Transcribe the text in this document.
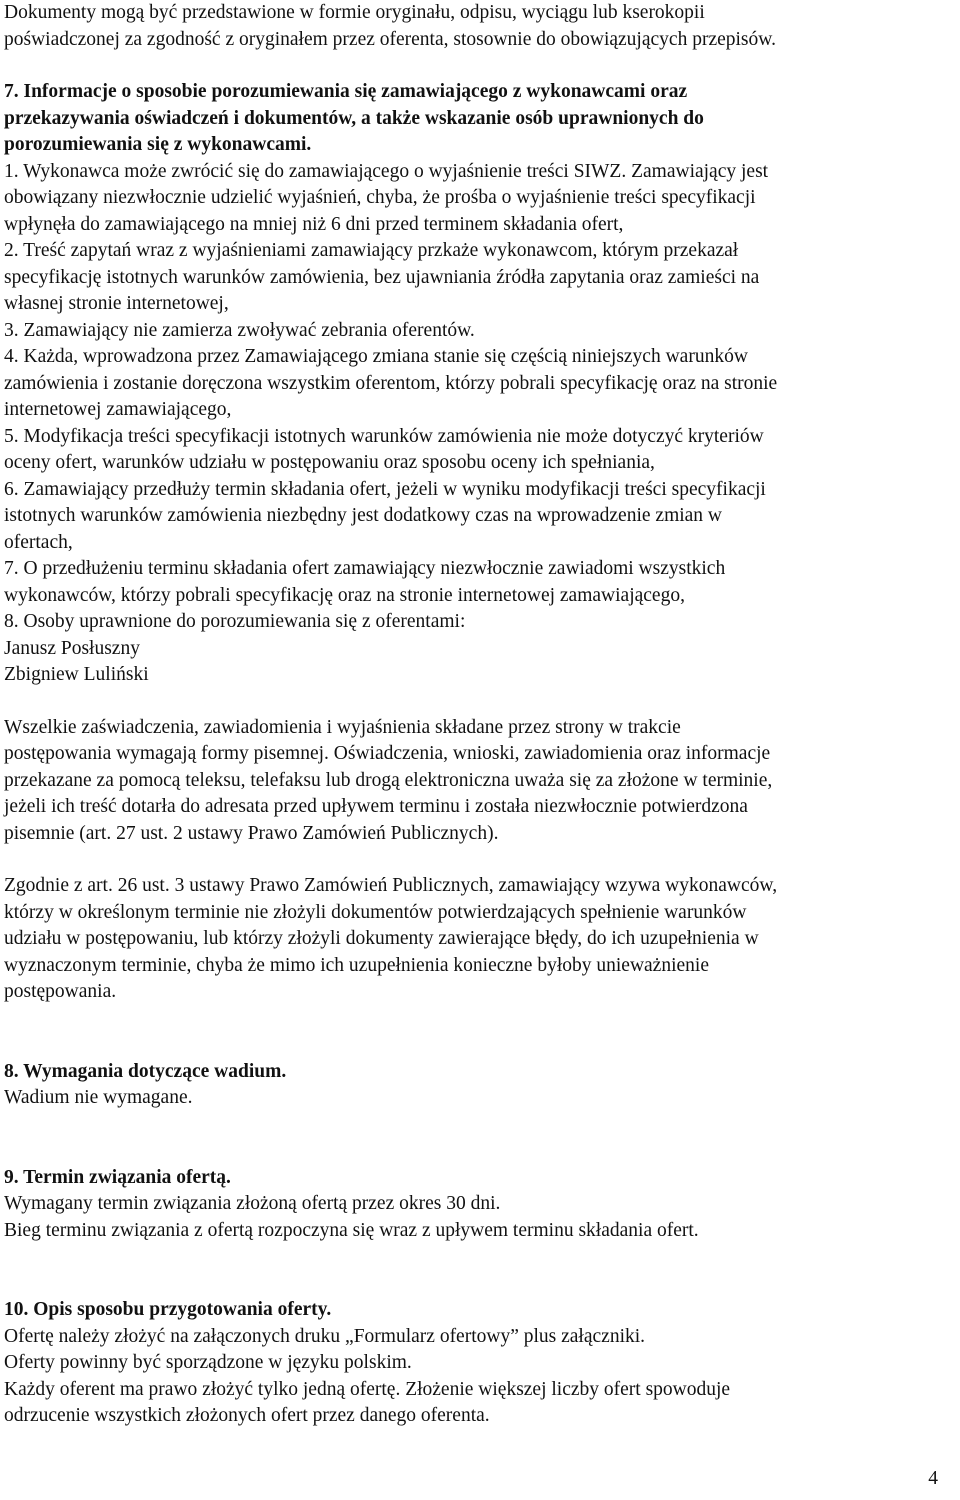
Dokumenty mogą być przedstawione w formie oryginału, odpisu, wyciągu lub kserokopii

poświadczonej za zgodność z oryginałem przez oferenta, stosownie do obowiązujących przepisów.

7. Informacje o sposobie porozumiewania się zamawiającego z wykonawcami oraz

przekazywania oświadczeń i dokumentów, a także wskazanie osób uprawnionych do

porozumiewania się z wykonawcami.

1. Wykonawca może zwrócić się do zamawiającego o wyjaśnienie treści SIWZ. Zamawiający jest

obowiązany niezwłocznie udzielić wyjaśnień, chyba, że prośba o wyjaśnienie treści specyfikacji

wpłynęła do zamawiającego na mniej niż 6 dni przed terminem składania ofert,

2. Treść zapytań wraz z wyjaśnieniami zamawiający przkaże wykonawcom, którym przekazał

specyfikację istotnych warunków zamówienia, bez ujawniania źródła zapytania oraz zamieści na

własnej stronie internetowej,

3. Zamawiający nie zamierza zwoływać zebrania oferentów.

4. Każda, wprowadzona przez Zamawiającego zmiana stanie się częścią niniejszych warunków

zamówienia i zostanie doręczona wszystkim oferentom, którzy pobrali specyfikację oraz na stronie

internetowej zamawiającego,

5. Modyfikacja treści specyfikacji istotnych warunków zamówienia nie może dotyczyć kryteriów

oceny ofert, warunków udziału w postępowaniu oraz sposobu oceny ich spełniania,

6. Zamawiający przedłuży termin składania ofert, jeżeli w wyniku modyfikacji treści specyfikacji

istotnych warunków zamówienia niezbędny jest dodatkowy czas na wprowadzenie zmian w

ofertach,

7. O przedłużeniu terminu składania ofert zamawiający niezwłocznie zawiadomi wszystkich

wykonawców, którzy pobrali specyfikację oraz na stronie internetowej zamawiającego,

8. Osoby uprawnione do porozumiewania się z oferentami:

Janusz Posłuszny

Zbigniew Luliński

Wszelkie zaświadczenia, zawiadomienia i wyjaśnienia składane przez strony w trakcie

postępowania wymagają formy pisemnej. Oświadczenia, wnioski, zawiadomienia oraz informacje

przekazane za pomocą teleksu, telefaksu lub drogą elektroniczna uważa się za złożone w terminie,

jeżeli ich treść dotarła do adresata przed upływem terminu i została niezwłocznie potwierdzona

pisemnie (art. 27 ust. 2 ustawy Prawo Zamówień Publicznych).

Zgodnie z art. 26 ust. 3 ustawy Prawo Zamówień Publicznych, zamawiający wzywa wykonawców,

którzy w określonym terminie nie złożyli dokumentów potwierdzających spełnienie warunków

udziału w postępowaniu, lub którzy złożyli dokumenty zawierające błędy, do ich uzupełnienia w

wyznaczonym terminie, chyba że mimo ich uzupełnienia konieczne byłoby unieważnienie

postępowania.

8. Wymagania dotyczące wadium.

Wadium nie wymagane.

9. Termin związania ofertą.

Wymagany termin związania złożoną ofertą przez okres 30 dni.

Bieg terminu związania z ofertą rozpoczyna się wraz z upływem terminu składania ofert.

10. Opis sposobu przygotowania oferty.

Ofertę należy złożyć na załączonych druku „Formularz ofertowy” plus załączniki.

Oferty powinny być sporządzone w języku polskim.

Każdy oferent ma prawo złożyć tylko jedną ofertę. Złożenie większej liczby ofert spowoduje

odrzucenie wszystkich złożonych ofert przez danego oferenta.

4
